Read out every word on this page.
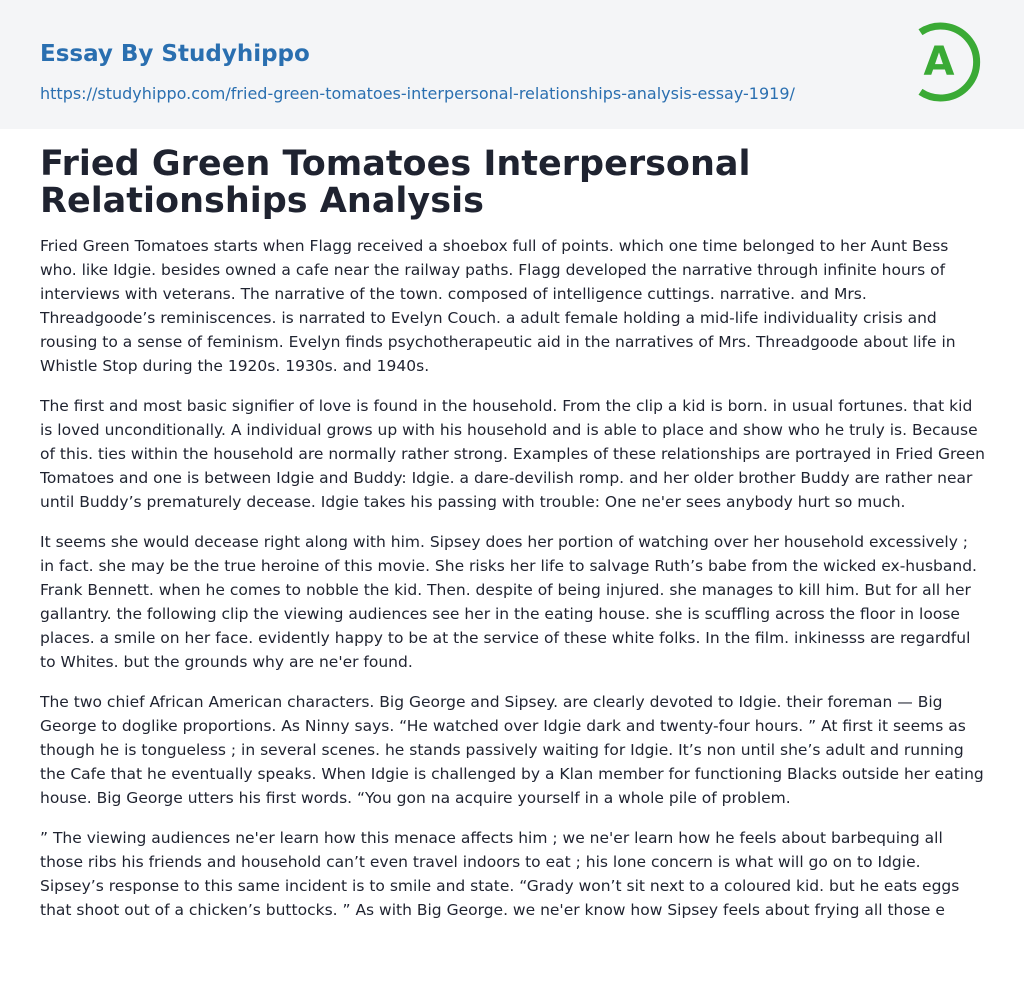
Essay By Studyhippo
https://studyhippo.com/fried-green-tomatoes-interpersonal-relationships-analysis-essay-1919/
A
Fried Green Tomatoes Interpersonal Relationships Analysis

Fried Green Tomatoes starts when Flagg received a shoebox full of points. which one time belonged to her Aunt Bess who. like Idgie. besides owned a cafe near the railway paths. Flagg developed the narrative through infinite hours of interviews with veterans. The narrative of the town. composed of intelligence cuttings. narrative. and Mrs. Threadgoode’s reminiscences. is narrated to Evelyn Couch. a adult female holding a mid-life individuality crisis and rousing to a sense of feminism. Evelyn finds psychotherapeutic aid in the narratives of Mrs. Threadgoode about life in Whistle Stop during the 1920s. 1930s. and 1940s.

The first and most basic signifier of love is found in the household. From the clip a kid is born. in usual fortunes. that kid is loved unconditionally. A individual grows up with his household and is able to place and show who he truly is. Because of this. ties within the household are normally rather strong. Examples of these relationships are portrayed in Fried Green Tomatoes and one is between Idgie and Buddy: Idgie. a dare-devilish romp. and her older brother Buddy are rather near until Buddy’s prematurely decease. Idgie takes his passing with trouble: One ne'er sees anybody hurt so much.

It seems she would decease right along with him. Sipsey does her portion of watching over her household excessively ; in fact. she may be the true heroine of this movie. She risks her life to salvage Ruth’s babe from the wicked ex-husband. Frank Bennett. when he comes to nobble the kid. Then. despite of being injured. she manages to kill him. But for all her gallantry. the following clip the viewing audiences see her in the eating house. she is scuffling across the floor in loose places. a smile on her face. evidently happy to be at the service of these white folks. In the film. inkinesss are regardful to Whites. but the grounds why are ne'er found.

The two chief African American characters. Big George and Sipsey. are clearly devoted to Idgie. their foreman — Big George to doglike proportions. As Ninny says. “He watched over Idgie dark and twenty-four hours. ” At first it seems as though he is tongueless ; in several scenes. he stands passively waiting for Idgie. It’s non until she’s adult and running the Cafe that he eventually speaks. When Idgie is challenged by a Klan member for functioning Blacks outside her eating house. Big George utters his first words. “You gon na acquire yourself in a whole pile of problem.

” The viewing audiences ne'er learn how this menace affects him ; we ne'er learn how he feels about barbequing all those ribs his friends and household can’t even travel indoors to eat ; his lone concern is what will go on to Idgie. Sipsey’s response to this same incident is to smile and state. “Grady won’t sit next to a coloured kid. but he eats eggs that shoot out of a chicken’s buttocks. ” As with Big George. we ne'er know how Sipsey feels about frying all those e
